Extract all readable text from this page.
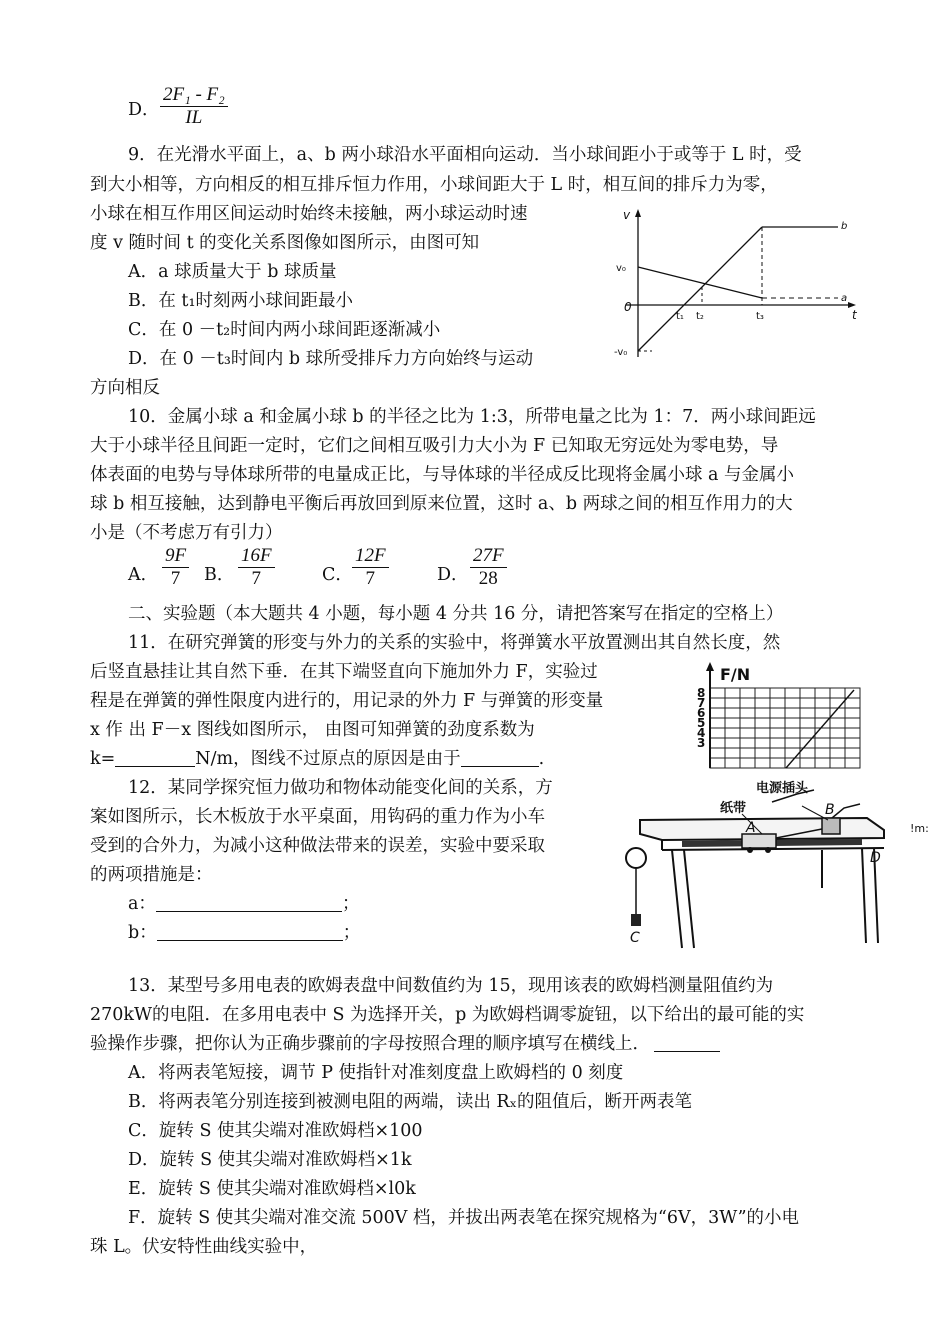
D． $\frac{\text{2F₁ - F₂}}{IL}$
9．在光滑水平面上，a、b 两小球沿水平面相向运动．当小球间距小于或等于 L 时，受
到大小相等，方向相反的相互排斥恒力作用，小球间距大于 L 时，相互间的排斥力为零，
小球在相互作用区间运动时始终未接触，两小球运动时速
度 v 随时间 t 的变化关系图像如图所示，由图可知
A．a 球质量大于 b 球质量
B．在 t₁时刻两小球间距最小
C．在 0 －t₂时间内两小球间距逐渐减小
D．在 0 －t₃时间内 b 球所受排斥力方向始终与运动
方向相反
v
t
v₀
-v₀
0
t₁ t₂	t₃
a
b
10．金属小球 a 和金属小球 b 的半径之比为 1:3，所带电量之比为 1：7．两小球间距远
大于小球半径且间距一定时，它们之间相互吸引力大小为 F 已知取无穷远处为零电势，导
体表面的电势与导体球所带的电量成正比，与导体球的半径成反比现将金属小球 a 与金属小
球 b 相互接触，达到静电平衡后再放回到原来位置，这时 a、b 两球之间的相互作用力的大
小是（不考虑万有引力）
A． $\frac{9F}{7}$ B． $\frac{16F}{7}$	C． $\frac{12F}{7}$	D． $\frac{27F}{28}$
二、实验题（本大题共 4 小题，每小题 4 分共 16 分，请把答案写在指定的空格上）
11．在研究弹簧的形变与外力的关系的实验中，将弹簧水平放置测出其自然长度，然
后竖直悬挂让其自然下垂．在其下端竖直向下施加外力 F，实验过
程是在弹簧的弹性限度内进行的，用记录的外力 F 与弹簧的形变量
x 作 出 F－x 图线如图所示， 由图可知弹簧的劲度系数为
k=	N/m，图线不过原点的原因是由于	.
F/N
8
7
6
5
4
3
12．某同学探究恒力做功和物体动能变化间的关系，方
案如图所示，长木板放于水平桌面，用钩码的重力作为小车
受到的合外力，为减小这种做法带来的误差，实验中要采取
的两项措施是：
a：	；
b：	；
电源插头
纸带
A
B
C
D
!m:
13．某型号多用电表的欧姆表盘中间数值约为 15，现用该表的欧姆档测量阻值约为
270kW的电阻．在多用电表中 S 为选择开关，p 为欧姆档调零旋钮，以下给出的最可能的实
验操作步骤，把你认为正确步骤前的字母按照合理的顺序填写在横线上．
A．将两表笔短接，调节 P 使指针对准刻度盘上欧姆档的 0 刻度
B．将两表笔分别连接到被测电阻的两端，读出 Rₓ的阻值后，断开两表笔
C．旋转 S 使其尖端对准欧姆档×100
D．旋转 S 使其尖端对准欧姆档×1k
E．旋转 S 使其尖端对准欧姆档×l0k
F．旋转 S 使其尖端对准交流 500V 档，并拔出两表笔在探究规格为“6V，3W”的小电
珠 L。伏安特性曲线实验中，
